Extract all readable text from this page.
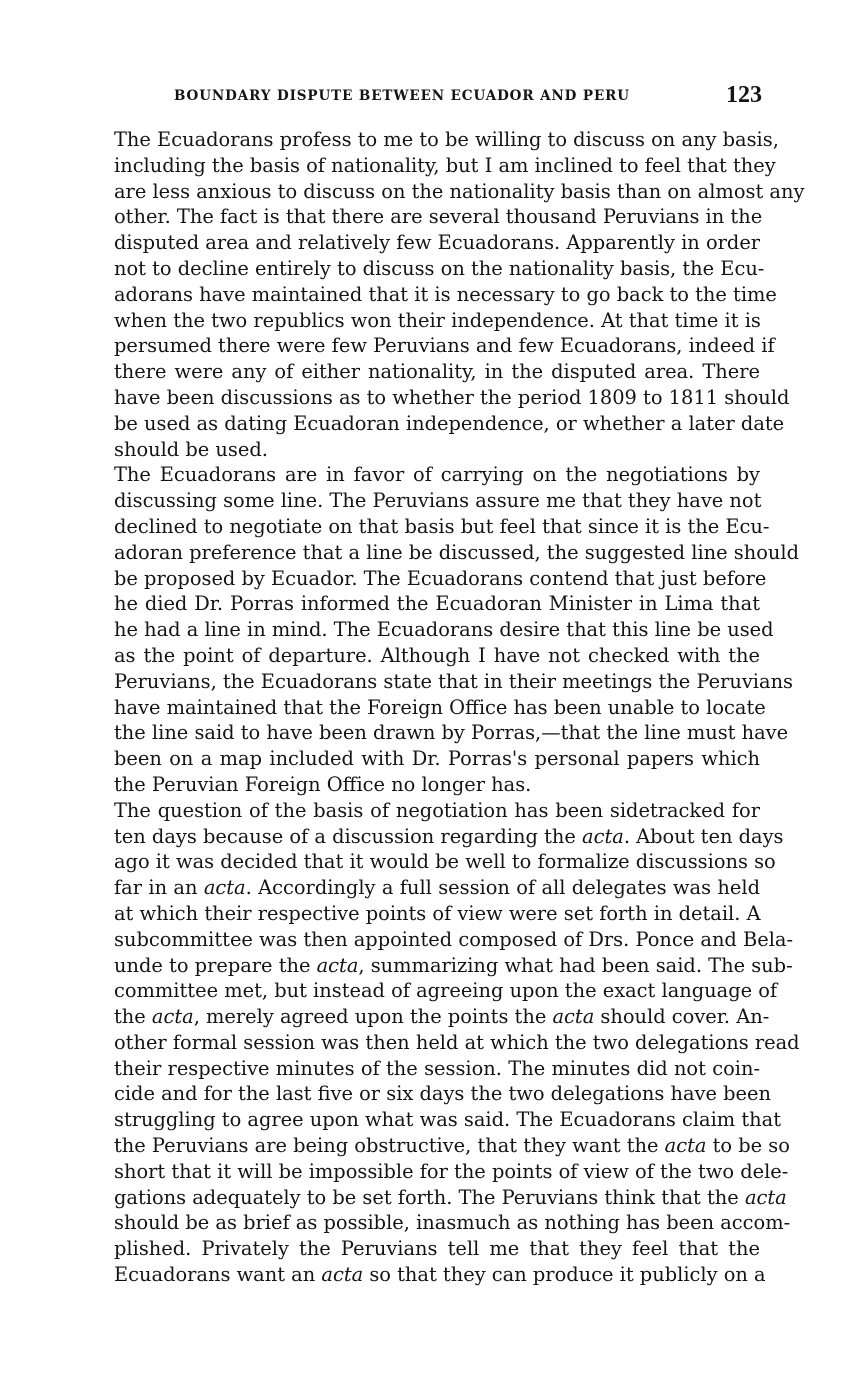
BOUNDARY DISPUTE BETWEEN ECUADOR AND PERU	123

The Ecuadorans profess to me to be willing to discuss on any basis,
including the basis of nationality, but I am inclined to feel that they
are less anxious to discuss on the nationality basis than on almost any
other. The fact is that there are several thousand Peruvians in the
disputed area and relatively few Ecuadorans. Apparently in order
not to decline entirely to discuss on the nationality basis, the Ecu-
adorans have maintained that it is necessary to go back to the time
when the two republics won their independence. At that time it is
persumed there were few Peruvians and few Ecuadorans, indeed if
there were any of either nationality, in the disputed area. There
have been discussions as to whether the period 1809 to 1811 should
be used as dating Ecuadoran independence, or whether a later date
should be used.

The Ecuadorans are in favor of carrying on the negotiations by
discussing some line. The Peruvians assure me that they have not
declined to negotiate on that basis but feel that since it is the Ecu-
adoran preference that a line be discussed, the suggested line should
be proposed by Ecuador. The Ecuadorans contend that just before
he died Dr. Porras informed the Ecuadoran Minister in Lima that
he had a line in mind. The Ecuadorans desire that this line be used
as the point of departure. Although I have not checked with the
Peruvians, the Ecuadorans state that in their meetings the Peruvians
have maintained that the Foreign Office has been unable to locate
the line said to have been drawn by Porras,—that the line must have
been on a map included with Dr. Porras's personal papers which
the Peruvian Foreign Office no longer has.

The question of the basis of negotiation has been sidetracked for
ten days because of a discussion regarding the acta. About ten days
ago it was decided that it would be well to formalize discussions so
far in an acta. Accordingly a full session of all delegates was held
at which their respective points of view were set forth in detail. A
subcommittee was then appointed composed of Drs. Ponce and Bela-
unde to prepare the acta, summarizing what had been said. The sub-
committee met, but instead of agreeing upon the exact language of
the acta, merely agreed upon the points the acta should cover. An-
other formal session was then held at which the two delegations read
their respective minutes of the session. The minutes did not coin-
cide and for the last five or six days the two delegations have been
struggling to agree upon what was said. The Ecuadorans claim that
the Peruvians are being obstructive, that they want the acta to be so
short that it will be impossible for the points of view of the two dele-
gations adequately to be set forth. The Peruvians think that the acta
should be as brief as possible, inasmuch as nothing has been accom-
plished. Privately the Peruvians tell me that they feel that the
Ecuadorans want an acta so that they can produce it publicly on a
